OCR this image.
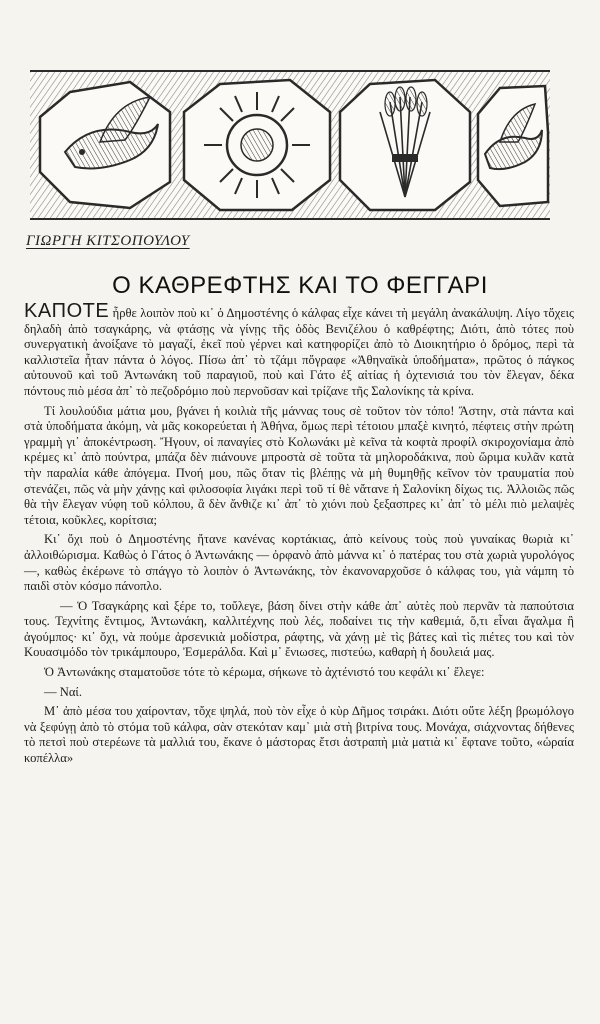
ΓΙΩΡΓΗ ΚΙΤΣΟΠΟΥΛΟΥ
Ο ΚΑΘΡΕΦΤΗΣ ΚΑΙ ΤΟ ΦΕΓΓΑΡΙ

ΚΑΠΟΤΕ ἦρθε λοιπὸν ποὺ κι᾿ ὁ Δημοστένης ὁ κάλφας εἶχε κάνει τὴ μεγάλη ἀνακάλυψη. Λίγο τὄχεις δηλαδὴ ἀπὸ τσαγκάρης, νὰ φτάσῃς νὰ γίνῃς τῆς ὁδὸς Βενιζέλου ὁ καθρέφτης; Διότι, ἀπὸ τότες ποὺ συνεργατικὴ ἀνοίξανε τὸ μαγαζί, ἐκεῖ ποὺ γέρνει καὶ κατηφορίζει ἀπὸ τὸ Διοικητήριο ὁ δρόμος, περὶ τὰ καλλιστεῖα ἦταν πάντα ὁ λόγος. Πίσω ἀπ᾿ τὸ τζάμι πὄγραφε «Ἀθηναϊκὰ ὑποδήματα», πρῶτος ὁ πάγκος αὐτουνοῦ καὶ τοῦ Ἀντωνάκη τοῦ παραγιοῦ, ποὺ καὶ Γάτο ἐξ αἰτίας ἡ ὀχτενισιά του τὸν ἔλεγαν, δέκα πόντους πιὸ μέσα ἀπ᾿ τὸ πεζοδρόμιο ποὺ περνοῦσαν καὶ τρίζανε τῆς Σαλονίκης τὰ κρίνα.

Τί λουλούδια μάτια μου, βγάνει ἡ κοιλιὰ τῆς μάννας τους σὲ τοῦτον τὸν τόπο! Ἄστην, στὰ πάντα καὶ στὰ ὑποδήματα ἀκόμη, νὰ μᾶς κοκορεύεται ἡ Ἀθήνα, ὅμως περὶ τέτοιου μπαξὲ κινητό, πέφτεις στὴν πρώτη γραμμὴ γι᾿ ἀποκέντρωση. Ἤγουν, οἱ παναγίες στὸ Κολωνάκι μὲ κεῖνα τὰ κοφτὰ προφίλ σκιροχονίαμα ἀπὸ κρέμες κι᾿ ἀπὸ πούντρα, μπάζα δὲν πιάνουνε μπροστὰ σὲ τοῦτα τὰ μηλοροδάκινα, ποὺ ὥριμα κυλᾶν κατὰ τὴν παραλία κάθε ἀπόγεμα. Πνοή μου, πῶς ὅταν τὶς βλέπῃς νὰ μὴ θυμηθῇς κεῖνον τὸν τραυματία ποὺ στενάζει, πῶς νὰ μὴν χάνῃς καὶ φιλοσοφία λιγάκι περὶ τοῦ τί θὲ νἄτανε ἡ Σαλονίκη δίχως τις. Ἀλλοιῶς πῶς θὰ τὴν ἔλεγαν νύφη τοῦ κόλπου, ἂ δὲν ἄνθιζε κι᾿ ἀπ᾿ τὸ χιόνι ποὺ ξεξασπρες κι᾿ ἀπ᾿ τὸ μέλι πιὸ μελαψὲς τέτοια, κοῦκλες, κορίτσια;

Κι᾿ ὄχι ποὺ ὁ Δημοστένης ἤτανε κανένας κορτάκιας, ἀπὸ κείνους τοὺς ποὺ γυναίκας θωριὰ κι᾿ ἀλλοιθώρισμα. Καθὼς ὁ Γάτος ὁ Ἀντωνάκης — ὀρφανὸ ἀπὸ μάννα κι᾿ ὁ πατέρας του στὰ χωριὰ γυρολόγος —, καθὼς ἐκέρωνε τὸ σπάγγο τὸ λοιπὸν ὁ Ἀντωνάκης, τὸν ἐκανοναρχοῦσε ὁ κάλφας του, γιὰ νάμπη τὸ παιδὶ στὸν κόσμο πάνοπλο.

— Ὁ Τσαγκάρης καὶ ξέρε το, τοὔλεγε, βάση δίνει στὴν κάθε ἀπ᾿ αὐτὲς ποὺ περνᾶν τὰ παπούτσια τους. Τεχνίτης ἔντιμος, Ἀντωνάκη, καλλιτέχνης ποὺ λές, ποδαίνει τις τὴν καθεμιά, ὅ,τι εἶναι ἄγαλμα ἢ ἀγούμπος· κι᾿ ὄχι, νὰ πούμε ἀρσενικιὰ μοδίστρα, ράφτης, νὰ χάνῃ μὲ τὶς βάτες καὶ τὶς πιέτες του καὶ τὸν Κουασιμόδο τὸν τρικάμπουρο, Ἐσμεράλδα. Καὶ μ᾿ ἔνιωσες, πιστεύω, καθαρὴ ἡ δουλειά μας.

Ὁ Ἀντωνάκης σταματοῦσε τότε τὸ κέρωμα, σήκωνε τὸ ἀχτένιστό του κεφάλι κι᾿ ἔλεγε:

— Ναί.

Μ᾿ ἀπὸ μέσα του χαίρονταν, τὄχε ψηλά, ποὺ τὸν εἶχε ὁ κὺρ Δῆμος τσιράκι. Διότι οὔτε λέξη βρωμόλογο νὰ ξεφύγῃ ἀπὸ τὸ στόμα τοῦ κάλφα, σὰν στεκόταν καμ᾿ μιὰ στὴ βιτρίνα τους. Μονάχα, σιάχνοντας δήθενες τὸ πετσὶ ποὺ στερέωνε τὰ μαλλιά του, ἔκανε ὁ μάστορας ἔτσι ἀστραπὴ μιὰ ματιὰ κι᾿ ἔφτανε τοῦτο, «ὡραία κοπέλλα»
